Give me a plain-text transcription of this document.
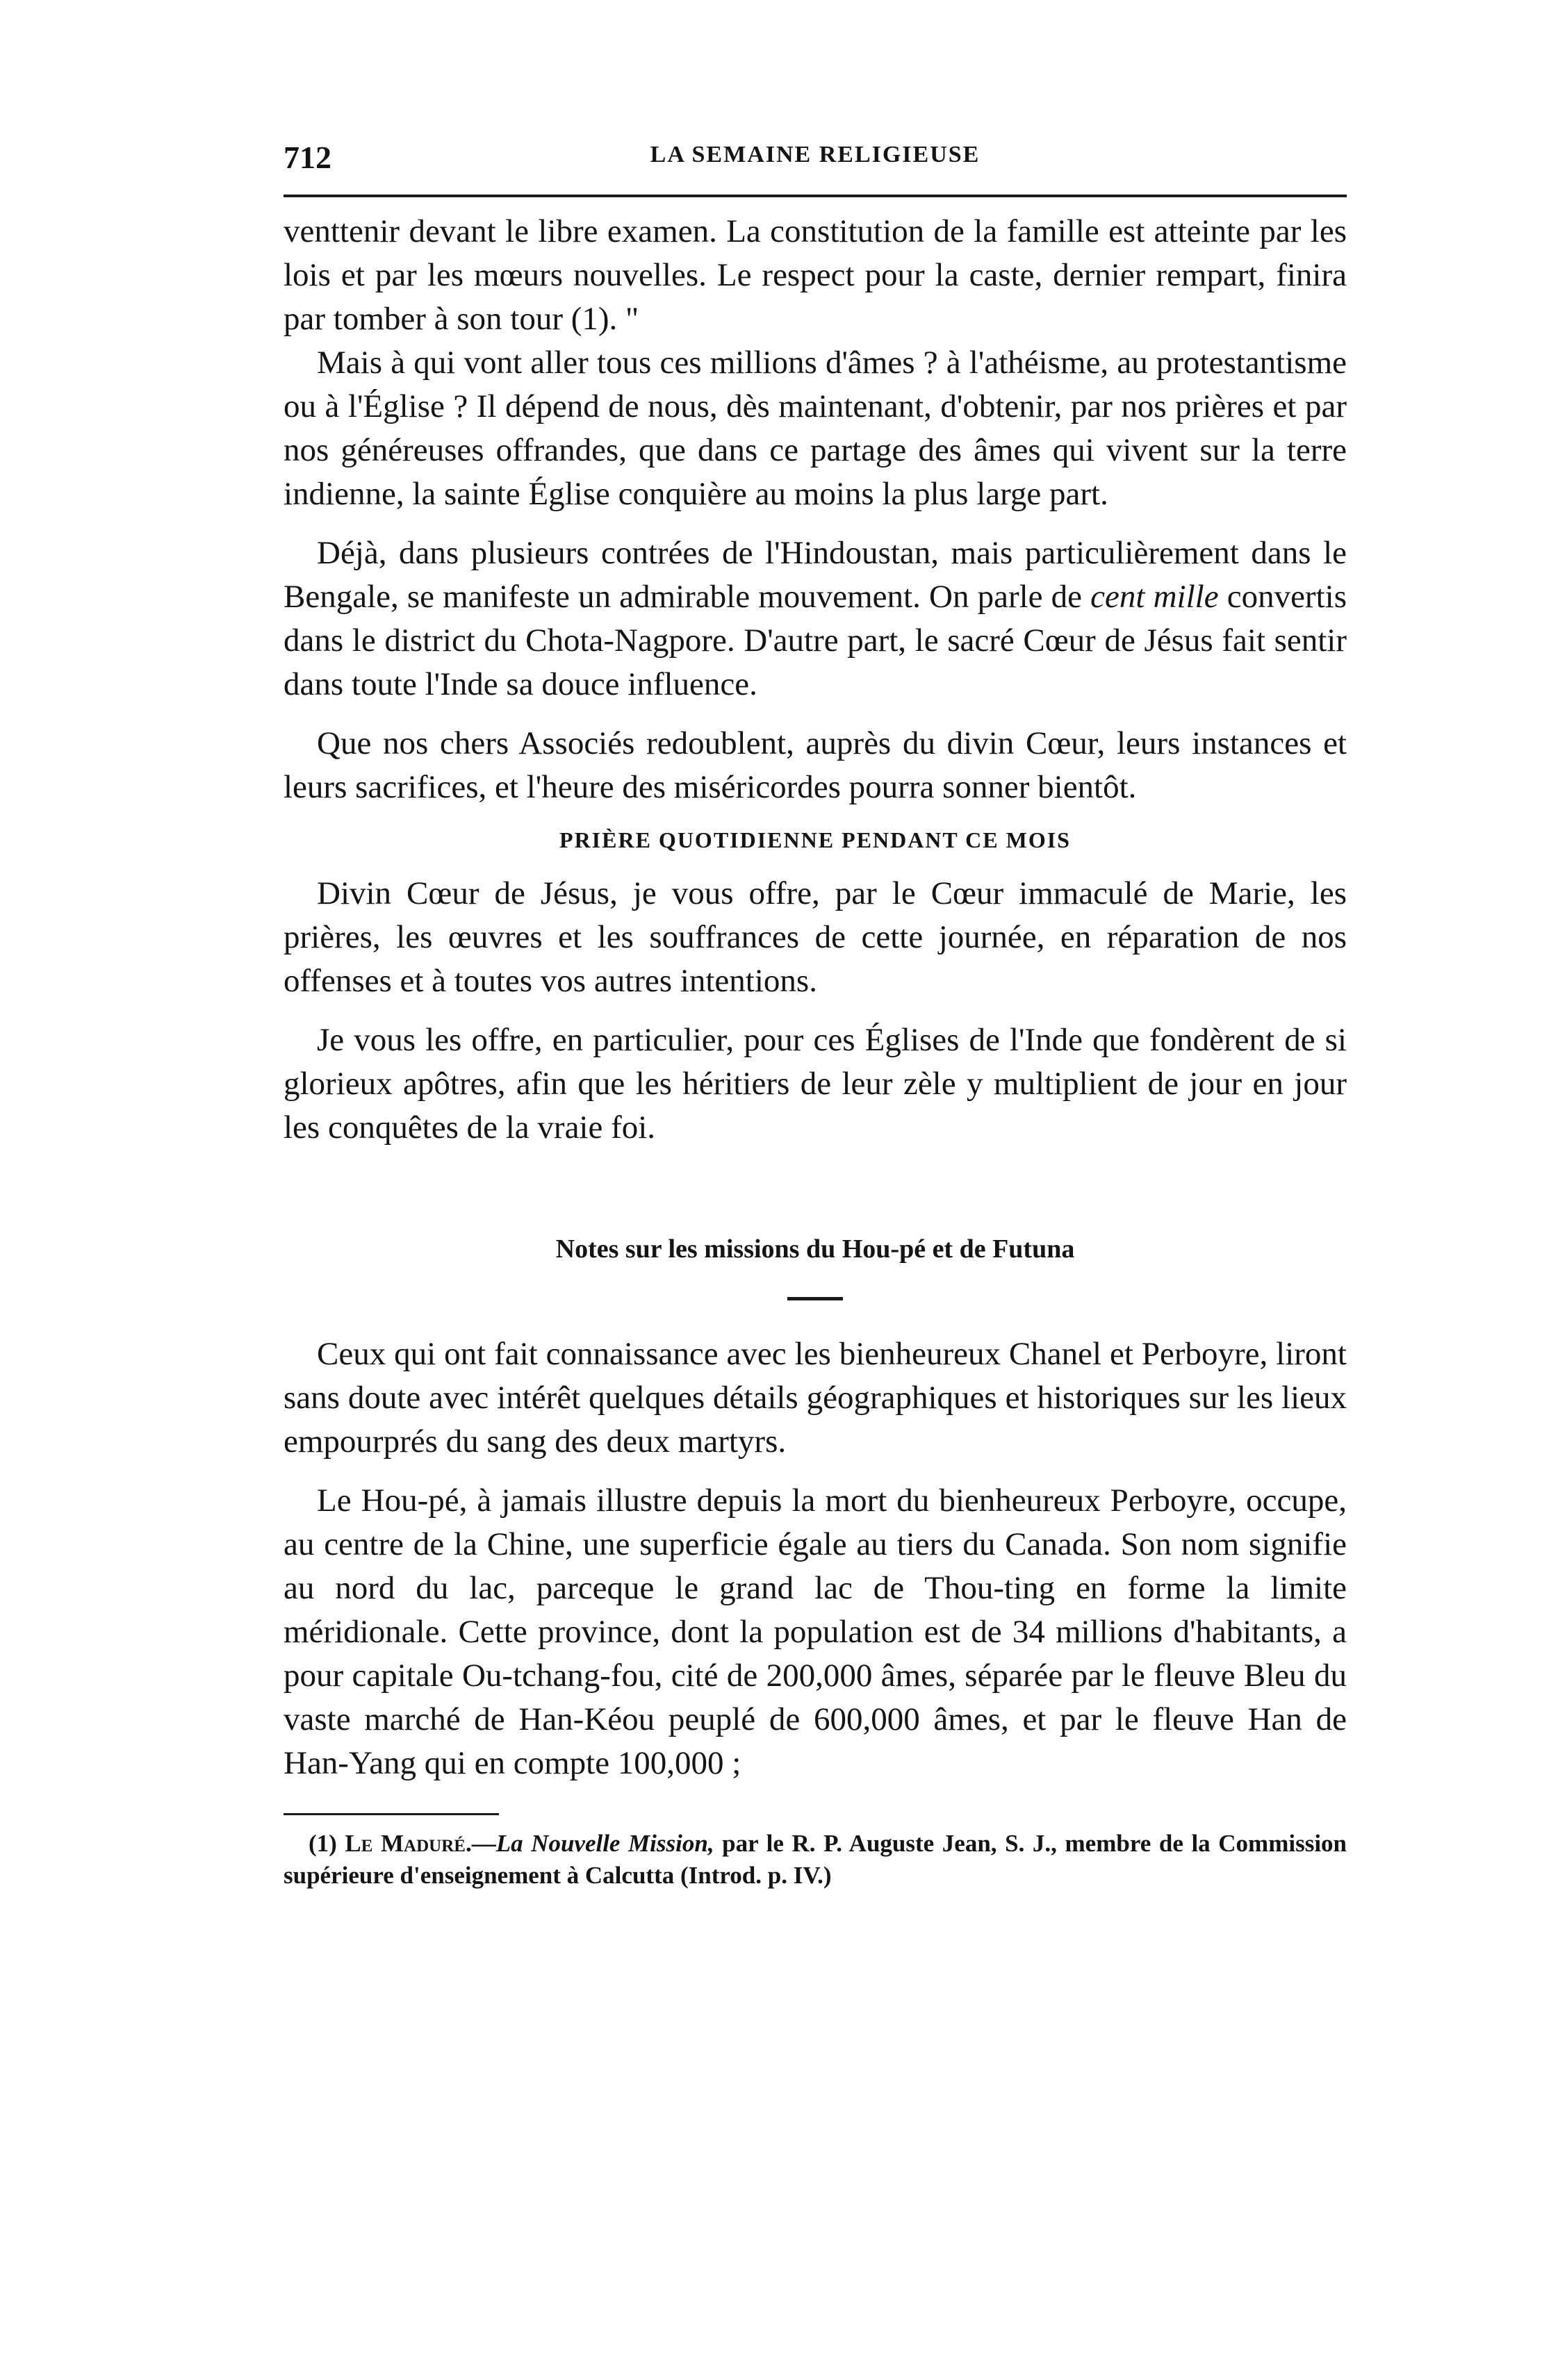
712	LA SEMAINE RELIGIEUSE

venttenir devant le libre examen. La constitution de la famille est atteinte par les lois et par les mœurs nouvelles. Le respect pour la caste, dernier rempart, finira par tomber à son tour (1). "

Mais à qui vont aller tous ces millions d'âmes ? à l'athéisme, au protestantisme ou à l'Église ? Il dépend de nous, dès maintenant, d'obtenir, par nos prières et par nos généreuses offrandes, que dans ce partage des âmes qui vivent sur la terre indienne, la sainte Église conquière au moins la plus large part.

Déjà, dans plusieurs contrées de l'Hindoustan, mais particulièrement dans le Bengale, se manifeste un admirable mouvement. On parle de cent mille convertis dans le district du Chota-Nagpore. D'autre part, le sacré Cœur de Jésus fait sentir dans toute l'Inde sa douce influence.

Que nos chers Associés redoublent, auprès du divin Cœur, leurs instances et leurs sacrifices, et l'heure des miséricordes pourra sonner bientôt.

PRIÈRE QUOTIDIENNE PENDANT CE MOIS

Divin Cœur de Jésus, je vous offre, par le Cœur immaculé de Marie, les prières, les œuvres et les souffrances de cette journée, en réparation de nos offenses et à toutes vos autres intentions.

Je vous les offre, en particulier, pour ces Églises de l'Inde que fondèrent de si glorieux apôtres, afin que les héritiers de leur zèle y multiplient de jour en jour les conquêtes de la vraie foi.

Notes sur les missions du Hou-pé et de Futuna

Ceux qui ont fait connaissance avec les bienheureux Chanel et Perboyre, liront sans doute avec intérêt quelques détails géographiques et historiques sur les lieux empourprés du sang des deux martyrs.

Le Hou-pé, à jamais illustre depuis la mort du bienheureux Perboyre, occupe, au centre de la Chine, une superficie égale au tiers du Canada. Son nom signifie au nord du lac, parceque le grand lac de Thou-ting en forme la limite méridionale. Cette province, dont la population est de 34 millions d'habitants, a pour capitale Ou-tchang-fou, cité de 200,000 âmes, séparée par le fleuve Bleu du vaste marché de Han-Kéou peuplé de 600,000 âmes, et par le fleuve Han de Han-Yang qui en compte 100,000 ;

(1) Le Maduré.—La Nouvelle Mission, par le R. P. Auguste Jean, S. J., membre de la Commission supérieure d'enseignement à Calcutta (Introd. p. IV.)
